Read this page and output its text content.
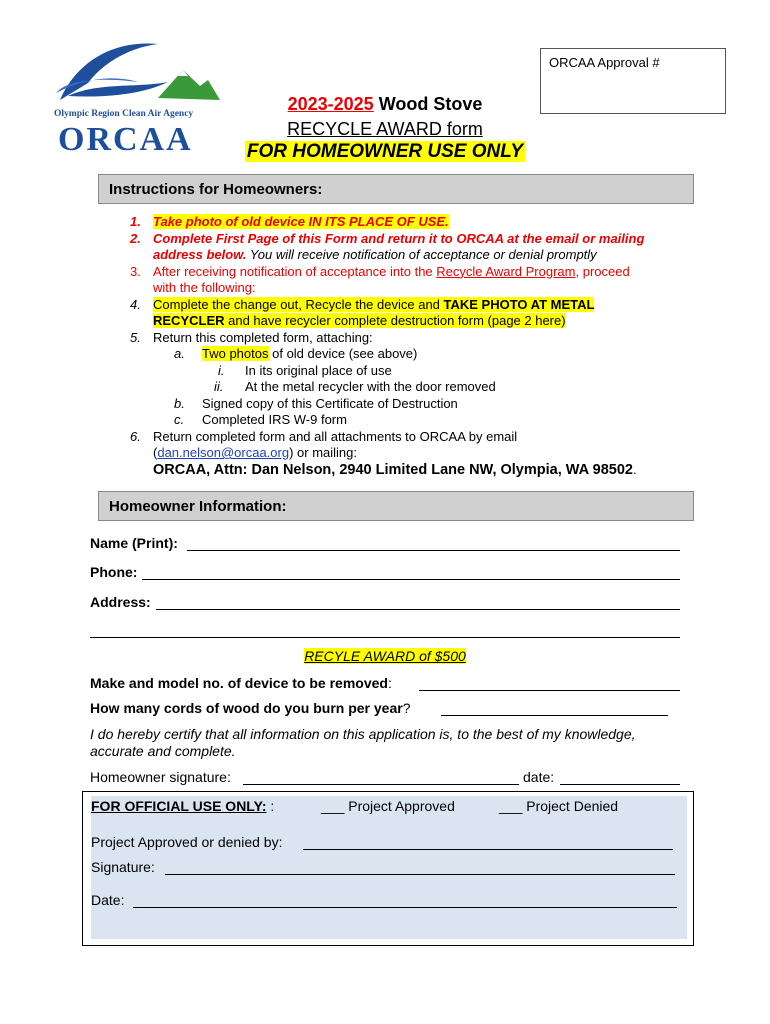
Olympic Region Clean Air Agency
ORCAA
ORCAA Approval #
2023-2025 Wood Stove
RECYCLE AWARD form
FOR HOMEOWNER USE ONLY
Instructions for Homeowners:
1. Take photo of old device IN ITS PLACE OF USE.
2. Complete First Page of this Form and return it to ORCAA at the email or mailing
address below. You will receive notification of acceptance or denial promptly
3. After receiving notification of acceptance into the Recycle Award Program, proceed
with the following:
4. Complete the change out, Recycle the device and TAKE PHOTO AT METAL
RECYCLER and have recycler complete destruction form (page 2 here)
5. Return this completed form, attaching:
a. Two photos of old device (see above)
i. In its original place of use
ii. At the metal recycler with the door removed
b. Signed copy of this Certificate of Destruction
c. Completed IRS W-9 form
6. Return completed form and all attachments to ORCAA by email
(dan.nelson@orcaa.org) or mailing:
ORCAA, Attn: Dan Nelson, 2940 Limited Lane NW, Olympia, WA 98502.
Homeowner Information:
Name (Print):
Phone:
Address:
RECYLE AWARD of $500
Make and model no. of device to be removed:
How many cords of wood do you burn per year?
I do hereby certify that all information on this application is, to the best of my knowledge, accurate and complete.
Homeowner signature:	date:
FOR OFFICIAL USE ONLY: :	___ Project Approved	___ Project Denied
Project Approved or denied by:
Signature:
Date:
